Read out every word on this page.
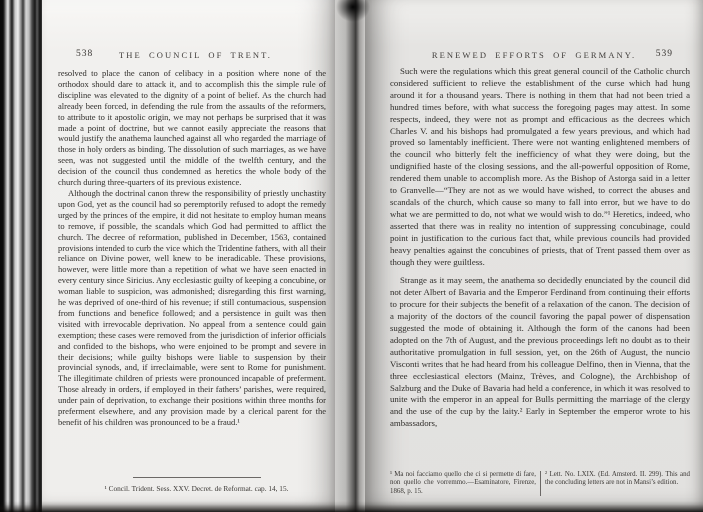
538	THE COUNCIL OF TRENT.

resolved to place the canon of celibacy in a position where none of the orthodox should dare to attack it, and to accomplish this the simple rule of discipline was elevated to the dignity of a point of belief. As the church had already been forced, in defending the rule from the assaults of the reformers, to attribute to it apostolic origin, we may not perhaps be surprised that it was made a point of doctrine, but we cannot easily appreciate the reasons that would justify the anathema launched against all who regarded the marriage of those in holy orders as binding. The dissolution of such marriages, as we have seen, was not suggested until the middle of the twelfth century, and the decision of the council thus condemned as heretics the whole body of the church during three-quarters of its previous existence.

Although the doctrinal canon threw the responsibility of priestly unchastity upon God, yet as the council had so peremptorily refused to adopt the remedy urged by the princes of the empire, it did not hesitate to employ human means to remove, if possible, the scandals which God had permitted to afflict the church. The decree of reformation, published in December, 1563, contained provisions intended to curb the vice which the Tridentine fathers, with all their reliance on Divine power, well knew to be ineradicable. These provisions, however, were little more than a repetition of what we have seen enacted in every century since Siricius. Any ecclesiastic guilty of keeping a concubine, or woman liable to suspicion, was admonished; disregarding this first warning, he was deprived of one-third of his revenue; if still contumacious, suspension from functions and benefice followed; and a persistence in guilt was then visited with irrevocable deprivation. No appeal from a sentence could gain exemption; these cases were removed from the jurisdiction of inferior officials and confided to the bishops, who were enjoined to be prompt and severe in their decisions; while guilty bishops were liable to suspension by their provincial synods, and, if irreclaimable, were sent to Rome for punishment. The illegitimate children of priests were pronounced incapable of preferment. Those already in orders, if employed in their fathers’ parishes, were required, under pain of deprivation, to exchange their positions within three months for preferment elsewhere, and any provision made by a clerical parent for the benefit of his children was pronounced to be a fraud.¹

¹ Concil. Trident. Sess. XXV. Decret. de Reformat. cap. 14, 15.
RENEWED EFFORTS OF GERMANY.	539

Such were the regulations which this great general council of the Catholic church considered sufficient to relieve the establishment of the curse which had hung around it for a thousand years. There is nothing in them that had not been tried a hundred times before, with what success the foregoing pages may attest. In some respects, indeed, they were not as prompt and efficacious as the decrees which Charles V. and his bishops had promulgated a few years previous, and which had proved so lamentably inefficient. There were not wanting enlightened members of the council who bitterly felt the inefficiency of what they were doing, but the undignified haste of the closing sessions, and the all-powerful opposition of Rome, rendered them unable to accomplish more. As the Bishop of Astorga said in a letter to Granvelle—“They are not as we would have wished, to correct the abuses and scandals of the church, which cause so many to fall into error, but we have to do what we are permitted to do, not what we would wish to do.”¹ Heretics, indeed, who asserted that there was in reality no intention of suppressing concubinage, could point in justification to the curious fact that, while previous councils had provided heavy penalties against the concubines of priests, that of Trent passed them over as though they were guiltless.

Strange as it may seem, the anathema so decidedly enunciated by the council did not deter Albert of Bavaria and the Emperor Ferdinand from continuing their efforts to procure for their subjects the benefit of a relaxation of the canon. The decision of a majority of the doctors of the council favoring the papal power of dispensation suggested the mode of obtaining it. Although the form of the canons had been adopted on the 7th of August, and the previous proceedings left no doubt as to their authoritative promulgation in full session, yet, on the 26th of August, the nuncio Visconti writes that he had heard from his colleague Delfino, then in Vienna, that the three ecclesiastical electors (Mainz, Trèves, and Cologne), the Archbishop of Salzburg and the Duke of Bavaria had held a conference, in which it was resolved to unite with the emperor in an appeal for Bulls permitting the marriage of the clergy and the use of the cup by the laity.² Early in September the emperor wrote to his ambassadors,

¹ Ma noi facciamo quello che ci si permette di fare, non quello che vorremmo.—Esaminatore, Firenze, 1868, p. 15.
² Lett. No. LXIX. (Ed. Amsterd. II. 299). This and the concluding letters are not in Mansi’s edition.
